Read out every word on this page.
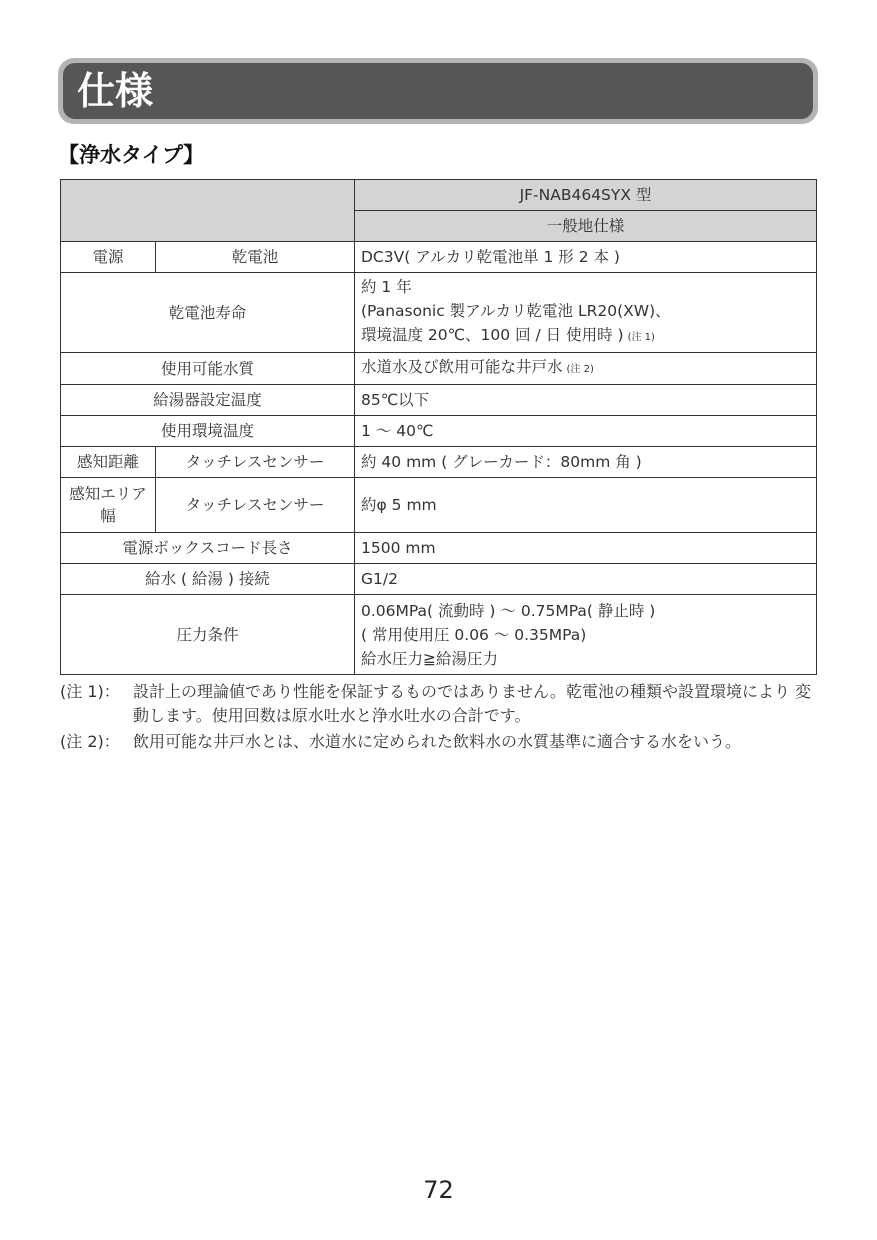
仕様
【浄水タイプ】
		JF-NAB464SYX 型
		一般地仕様
電源	乾電池	DC3V( アルカリ乾電池単 1 形 2 本 )
乾電池寿命		約 1 年
(Panasonic 製アルカリ乾電池 LR20(XW)、
環境温度 20℃、100 回 / 日 使用時 ) (注 1)

使用可能水質		水道水及び飲用可能な井戸水 (注 2)
給湯器設定温度		85℃以下
使用環境温度		1 ～ 40℃
感知距離	タッチレスセンサー	約 40 mm ( グレーカード：80mm 角 )
感知エリア幅	タッチレスセンサー	約φ 5 mm
電源ボックスコード長さ		1500 mm
給水 ( 給湯 ) 接続		G1/2
圧力条件		0.06MPa( 流動時 ) ～ 0.75MPa( 静止時 )
( 常用使用圧 0.06 ～ 0.35MPa)
給水圧力≧給湯圧力
(注 1)： 設計上の理論値であり性能を保証するものではありません。乾電池の種類や設置環境により 変動します。使用回数は原水吐水と浄水吐水の合計です。
(注 2)： 飲用可能な井戸水とは、水道水に定められた飲料水の水質基準に適合する水をいう。
72
